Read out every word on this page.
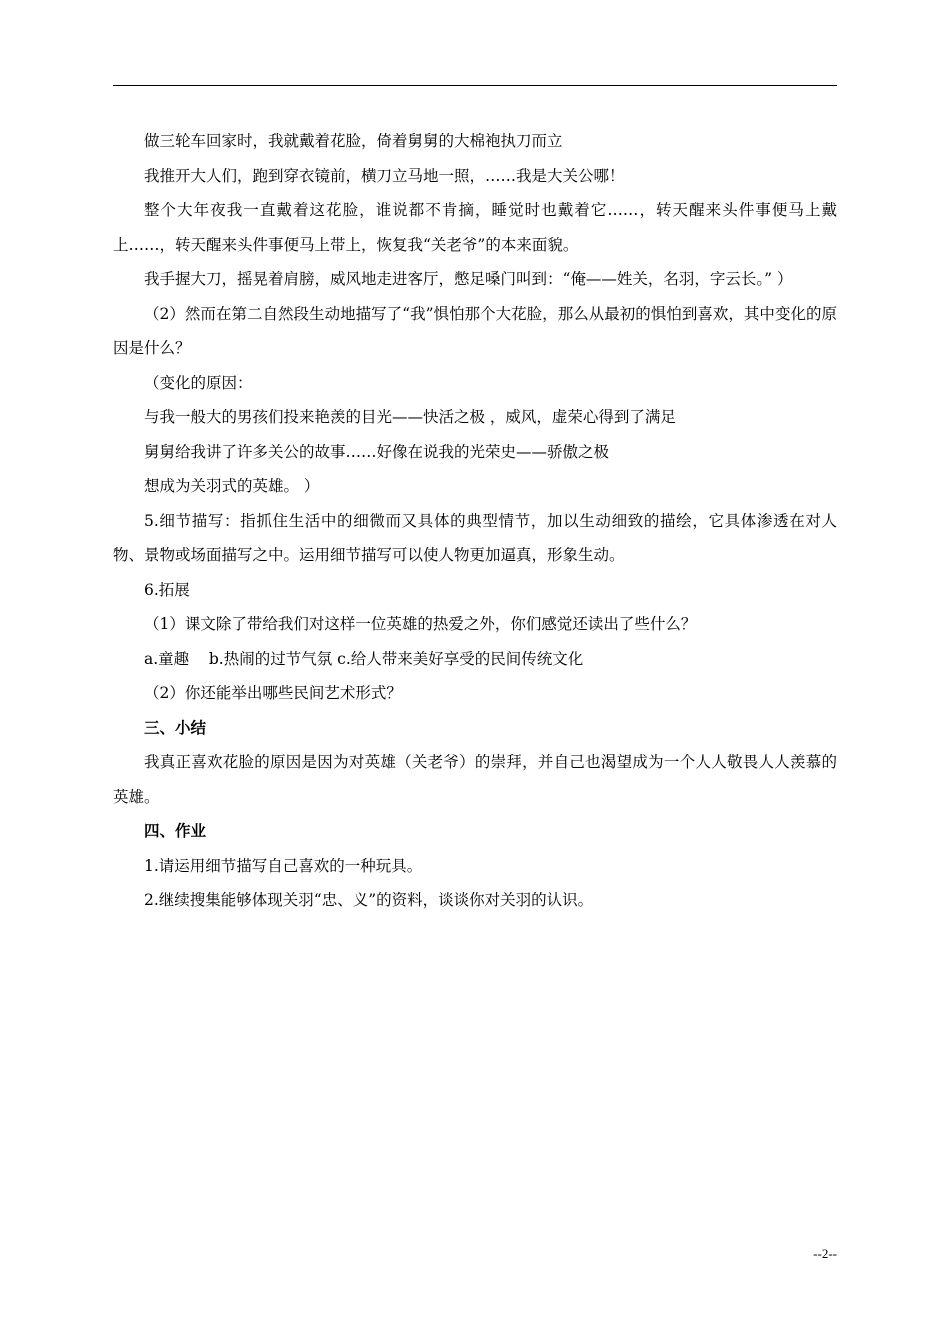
做三轮车回家时，我就戴着花脸，倚着舅舅的大棉袍执刀而立

我推开大人们，跑到穿衣镜前，横刀立马地一照，……我是大关公哪！

整个大年夜我一直戴着这花脸，谁说都不肯摘，睡觉时也戴着它……，转天醒来头件事便马上戴上……，转天醒来头件事便马上带上，恢复我“关老爷”的本来面貌。

我手握大刀，摇晃着肩膀，威风地走进客厅，憋足嗓门叫到：“俺——姓关，名羽，字云长。” ）

（2）然而在第二自然段生动地描写了“我”惧怕那个大花脸，那么从最初的惧怕到喜欢，其中变化的原因是什么？

（变化的原因：

与我一般大的男孩们投来艳羡的目光——快活之极 ，威风，虚荣心得到了满足

舅舅给我讲了许多关公的故事……好像在说我的光荣史——骄傲之极

想成为关羽式的英雄。 ）

5.细节描写：指抓住生活中的细微而又具体的典型情节，加以生动细致的描绘，它具体渗透在对人物、景物或场面描写之中。运用细节描写可以使人物更加逼真，形象生动。

6.拓展

（1）课文除了带给我们对这样一位英雄的热爱之外，你们感觉还读出了些什么？

a.童趣    b.热闹的过节气氛 c.给人带来美好享受的民间传统文化

（2）你还能举出哪些民间艺术形式？

三、小结

我真正喜欢花脸的原因是因为对英雄（关老爷）的崇拜，并自己也渴望成为一个人人敬畏人人羡慕的英雄。

四、作业

1.请运用细节描写自己喜欢的一种玩具。

2.继续搜集能够体现关羽“忠、义”的资料，谈谈你对关羽的认识。

--2--
